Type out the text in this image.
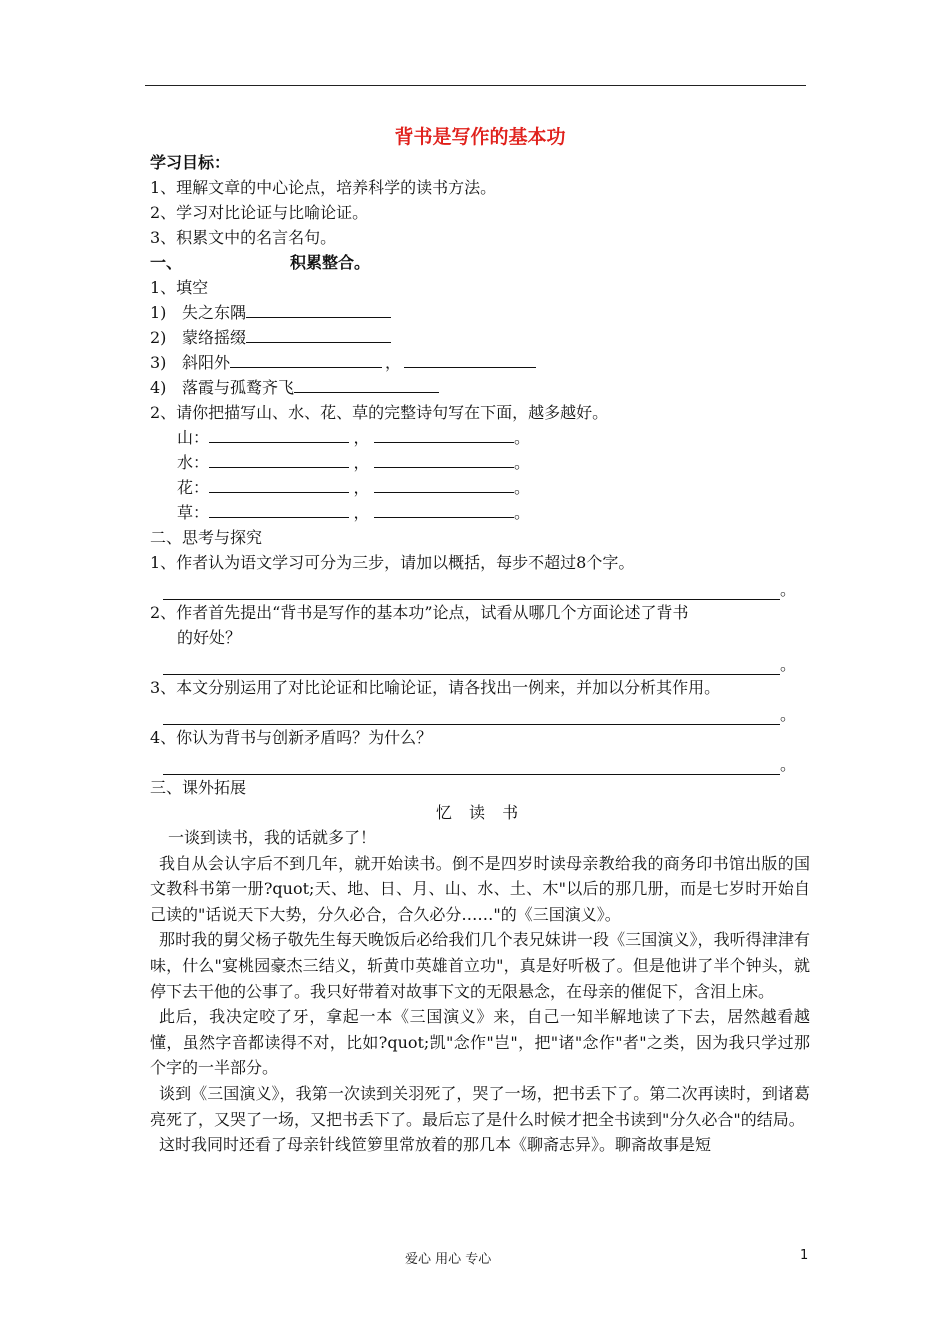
背书是写作的基本功
学习目标：
1、理解文章的中心论点，培养科学的读书方法。
2、学习对比论证与比喻论证。
3、积累文中的名言名句。
一、	积累整合。
1、填空
1) 失之东隅
2) 蒙络摇缀
3) 斜阳外	，
4) 落霞与孤鹜齐飞
2、请你把描写山、水、花、草的完整诗句写在下面，越多越好。
山：	，	。
水：	，	。
花：	，	。
草：	，	。
二、思考与探究
1、作者认为语文学习可分为三步，请加以概括，每步不超过8个字。
。
2、作者首先提出“背书是写作的基本功”论点，试看从哪几个方面论述了背书
的好处？
。
3、本文分别运用了对比论证和比喻论证，请各找出一例来，并加以分析其作用。
。
4、你认为背书与创新矛盾吗？为什么？
。
三、课外拓展
忆 读 书

一谈到读书，我的话就多了！

我自从会认字后不到几年，就开始读书。倒不是四岁时读母亲教给我的商务印书馆出版的国文教科书第一册?quot;天、地、日、月、山、水、土、木"以后的那几册，而是七岁时开始自己读的"话说天下大势，分久必合，合久必分……"的《三国演义》。

那时我的舅父杨子敬先生每天晚饭后必给我们几个表兄妹讲一段《三国演义》，我听得津津有味，什么"宴桃园豪杰三结义，斩黄巾英雄首立功"，真是好听极了。但是他讲了半个钟头，就停下去干他的公事了。我只好带着对故事下文的无限悬念，在母亲的催促下，含泪上床。

此后，我决定咬了牙，拿起一本《三国演义》来，自己一知半解地读了下去，居然越看越懂，虽然字音都读得不对，比如?quot;凯"念作"岂"，把"诸"念作"者"之类，因为我只学过那个字的一半部分。

谈到《三国演义》，我第一次读到关羽死了，哭了一场，把书丢下了。第二次再读时，到诸葛亮死了，又哭了一场，又把书丢下了。最后忘了是什么时候才把全书读到"分久必合"的结局。

这时我同时还看了母亲针线笸箩里常放着的那几本《聊斋志异》。聊斋故事是短

爱心 用心 专心	1
